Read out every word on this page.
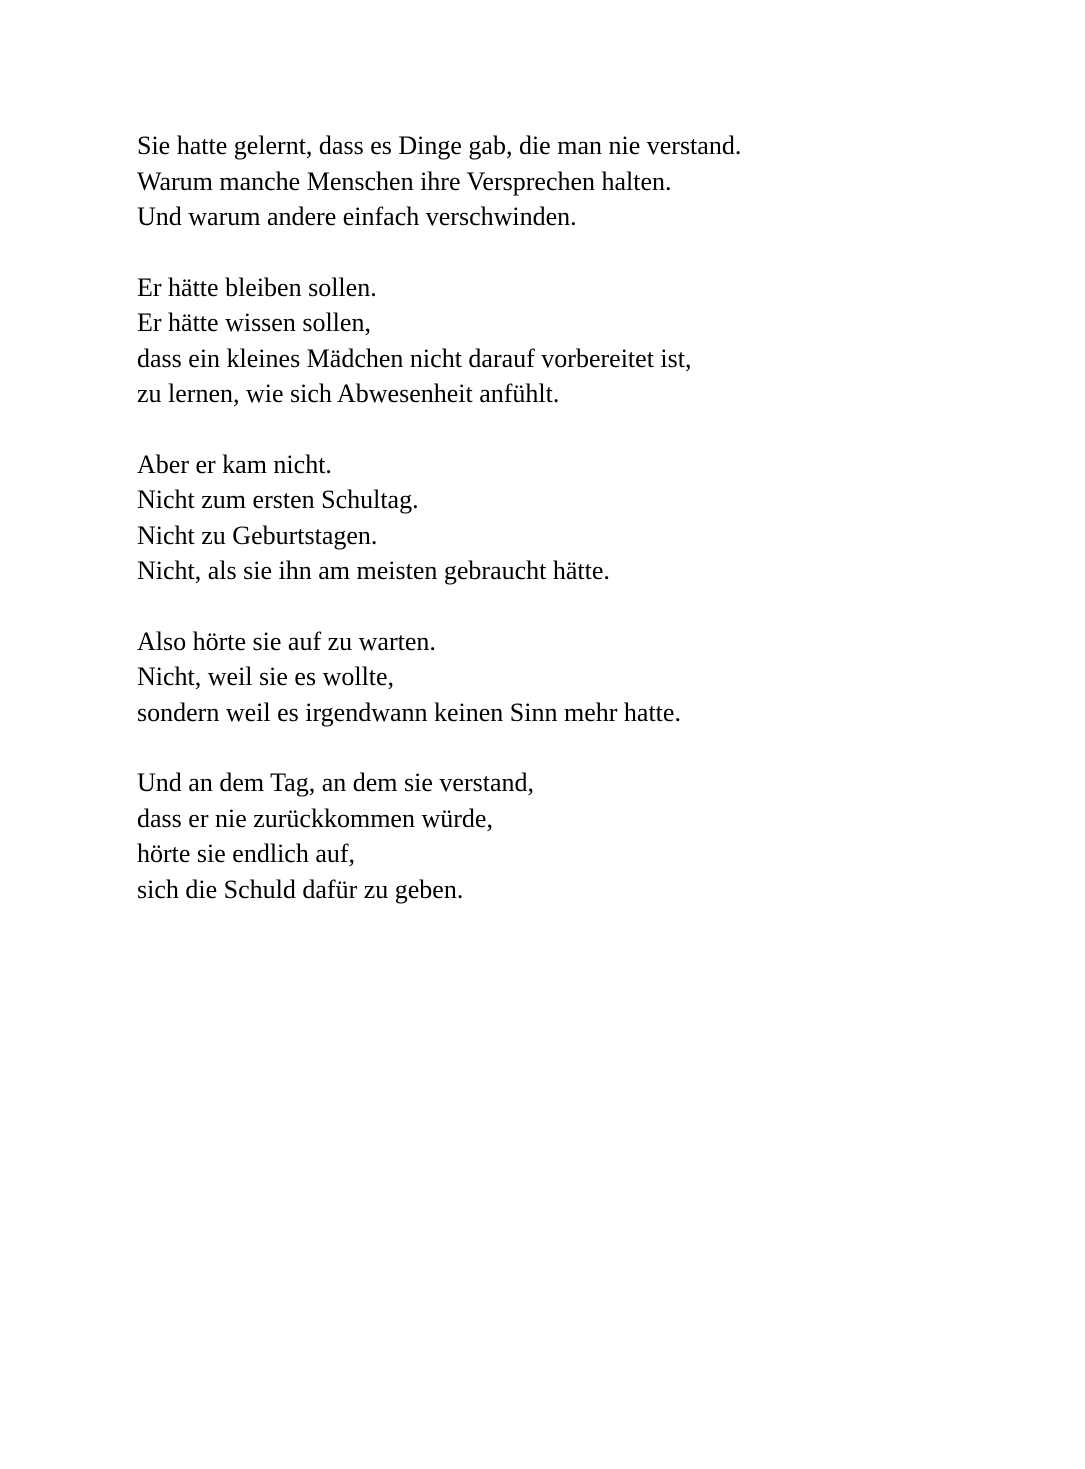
Sie hatte gelernt, dass es Dinge gab, die man nie verstand.
Warum manche Menschen ihre Versprechen halten.
Und warum andere einfach verschwinden.

Er hätte bleiben sollen.
Er hätte wissen sollen,
dass ein kleines Mädchen nicht darauf vorbereitet ist,
zu lernen, wie sich Abwesenheit anfühlt.

Aber er kam nicht.
Nicht zum ersten Schultag.
Nicht zu Geburtstagen.
Nicht, als sie ihn am meisten gebraucht hätte.

Also hörte sie auf zu warten.
Nicht, weil sie es wollte,
sondern weil es irgendwann keinen Sinn mehr hatte.

Und an dem Tag, an dem sie verstand,
dass er nie zurückkommen würde,
hörte sie endlich auf,
sich die Schuld dafür zu geben.
